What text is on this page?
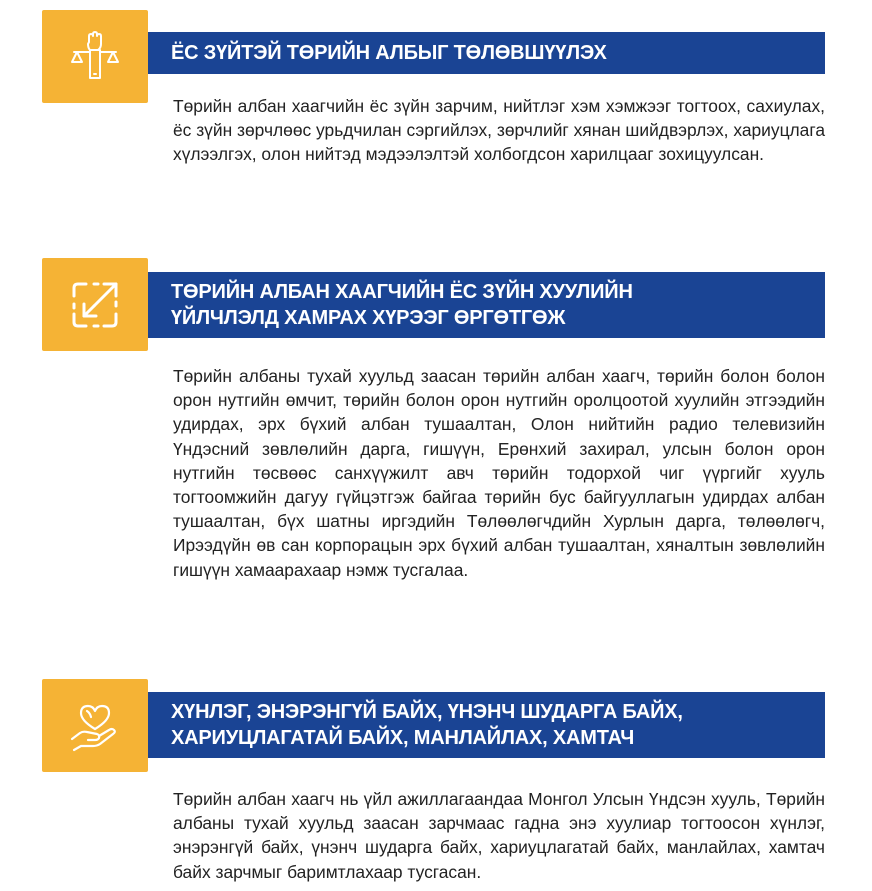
ЁС ЗҮЙТЭЙ ТӨРИЙН АЛБЫГ ТӨЛӨВШҮҮЛЭХ
Төрийн албан хаагчийн ёс зүйн зарчим, нийтлэг хэм хэмжээг тогтоох, сахиулах, ёс зүйн зөрчлөөс урьдчилан сэргийлэх, зөрчлийг хянан шийдвэрлэх, хариуцлага хүлээлгэх, олон нийтэд мэдээлэлтэй холбогдсон харилцааг зохицуулсан.
ТӨРИЙН АЛБАН ХААГЧИЙН ЁС ЗҮЙН ХУУЛИЙН
ҮЙЛЧЛЭЛД ХАМРАХ ХҮРЭЭГ ӨРГӨТГӨЖ
Төрийн албаны тухай хуульд заасан төрийн албан хаагч, төрийн болон болон орон нутгийн өмчит, төрийн болон орон нутгийн оролцоотой хуулийн этгээдийн удирдах, эрх бүхий албан тушаалтан, Олон нийтийн радио телевизийн Үндэсний зөвлөлийн дарга, гишүүн, Ерөнхий захирал, улсын болон орон нутгийн төсвөөс санхүүжилт авч төрийн тодорхой чиг үүргийг хууль тогтоомжийн дагуу гүйцэтгэж байгаа төрийн бус байгууллагын удирдах албан тушаалтан, бүх шатны иргэдийн Төлөөлөгчдийн Хурлын дарга, төлөөлөгч, Ирээдүйн өв сан корпорацын эрх бүхий албан тушаалтан, хяналтын зөвлөлийн гишүүн хамаарахаар нэмж тусгалаа.
ХҮНЛЭГ, ЭНЭРЭНГҮЙ БАЙХ, ҮНЭНЧ ШУДАРГА БАЙХ,
ХАРИУЦЛАГАТАЙ БАЙХ, МАНЛАЙЛАХ, ХАМТАЧ
Төрийн албан хаагч нь үйл ажиллагаандаа Монгол Улсын Үндсэн хууль, Төрийн албаны тухай хуульд заасан зарчмаас гадна энэ хуулиар тогтоосон хүнлэг, энэрэнгүй байх, үнэнч шударга байх, хариуцлагатай байх, манлайлах, хамтач байх зарчмыг баримтлахаар тусгасан.	МОНГОЛ УЛСЫН ИХ ХУРАЛ
